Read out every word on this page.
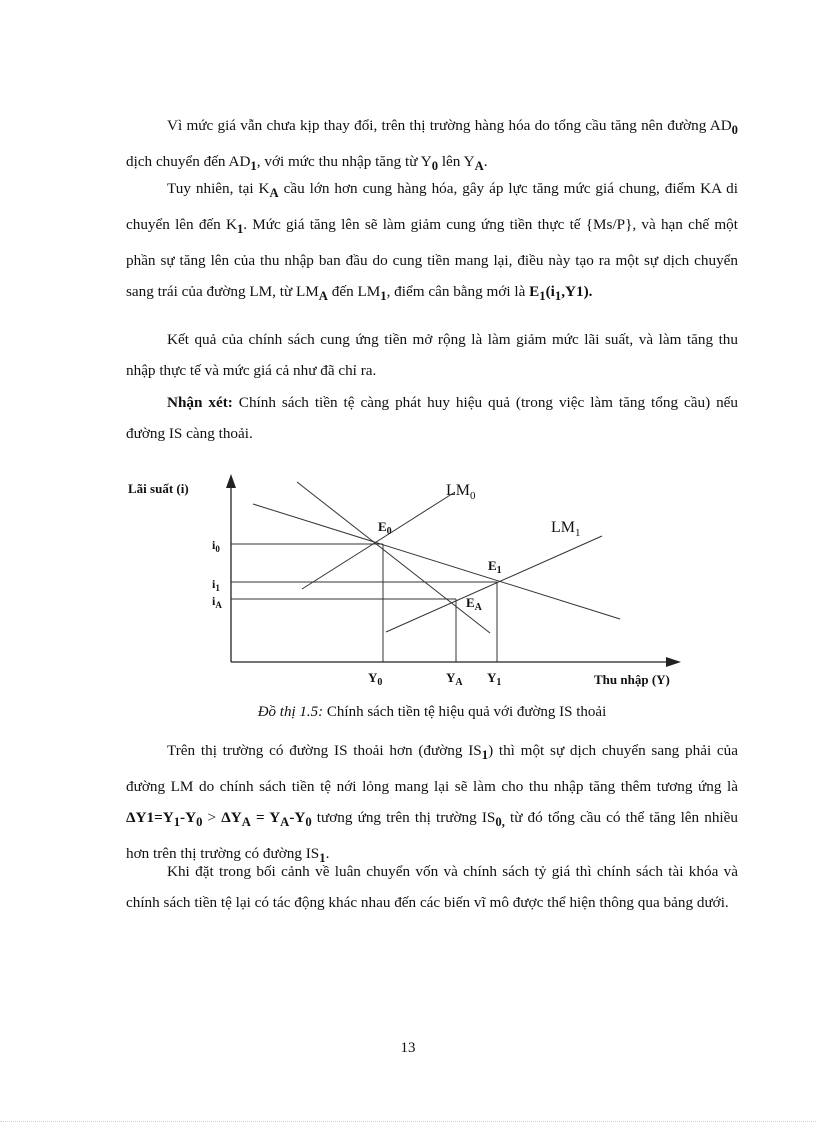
Vì mức giá vẫn chưa kịp thay đổi, trên thị trường hàng hóa do tổng cầu tăng nên đường $AD_0$ dịch chuyển đến $AD_1$, với mức thu nhập tăng từ $Y_0$ lên $Y_A$.

Tuy nhiên, tại $K_A$ cầu lớn hơn cung hàng hóa, gây áp lực tăng mức giá chung, điểm KA di chuyển lên đến $K_1$. Mức giá tăng lên sẽ làm giảm cung ứng tiền thực tế {Ms/P}, và hạn chế một phần sự tăng lên của thu nhập ban đầu do cung tiền mang lại, điều này tạo ra một sự dịch chuyển sang trái của đường LM, từ $LM_A$ đến $LM_1$, điểm cân bằng mới là $E_1(i_1,Y1)$.

Kết quả của chính sách cung ứng tiền mở rộng là làm giảm mức lãi suất, và làm tăng thu nhập thực tế và mức giá cả như đã chỉ ra.

Nhận xét: Chính sách tiền tệ càng phát huy hiệu quả (trong việc làm tăng tổng cầu) nếu đường IS càng thoải.

Lãi suất (i)
Thu nhập (Y)
$LM_0$
$LM_1$
$E_0$
$E_1$
$E_A$
$i_0$
$i_1$
$i_A$
$Y_0$	$Y_A$ $Y_1$
Đồ thị 1.5: Chính sách tiền tệ hiệu quả với đường IS thoải

Trên thị trường có đường IS thoải hơn (đường $IS_1$) thì một sự dịch chuyển sang phải của đường LM do chính sách tiền tệ nới lỏng mang lại sẽ làm cho thu nhập tăng thêm tương ứng là $\Delta Y1=Y_1-Y_0 > \Delta Y_A = Y_A-Y_0$ tương ứng trên thị trường $IS_{0,}$ từ đó tổng cầu có thể tăng lên nhiều hơn trên thị trường có đường $IS_1$.

Khi đặt trong bối cảnh về luân chuyển vốn và chính sách tỷ giá thì chính sách tài khóa và chính sách tiền tệ lại có tác động khác nhau đến các biến vĩ mô được thể hiện thông qua bảng dưới.

13
